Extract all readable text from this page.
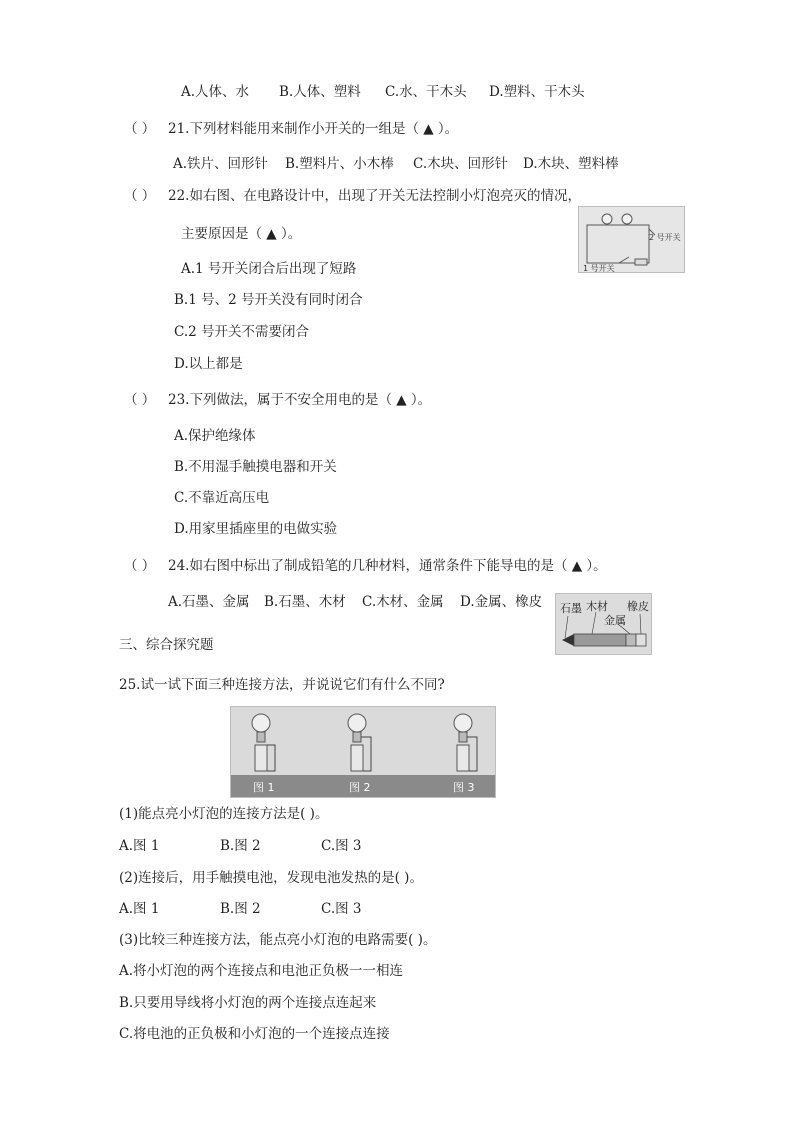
A.人体、水	B.人体、塑料	C.水、干木头	D.塑料、干木头
（ ） 21.下列材料能用来制作小开关的一组是（ ▲ ）。
A.铁片、回形针	B.塑料片、小木棒	C.木块、回形针	D.木块、塑料棒
（ ） 22.如右图、在电路设计中，出现了开关无法控制小灯泡亮灭的情况，
主要原因是（ ▲ ）。
A.1 号开关闭合后出现了短路
B.1 号、2 号开关没有同时闭合
C.2 号开关不需要闭合
D.以上都是
2 号开关
1 号开关
（ ） 23.下列做法，属于不安全用电的是（ ▲ ）。
A.保护绝缘体
B.不用湿手触摸电器和开关
C.不靠近高压电
D.用家里插座里的电做实验
（ ） 24.如右图中标出了制成铅笔的几种材料，通常条件下能导电的是（ ▲ ）。
A.石墨、金属	B.石墨、木材	C.木材、金属	D.金属、橡皮 石墨 木材
金属
橡皮
三、综合探究题
25.试一试下面三种连接方法，并说说它们有什么不同?
图 1	图 2	图 3
(1)能点亮小灯泡的连接方法是( )。
A.图 1	B.图 2	C.图 3
(2)连接后，用手触摸电池，发现电池发热的是( )。
A.图 1	B.图 2	C.图 3
(3)比较三种连接方法，能点亮小灯泡的电路需要( )。
A.将小灯泡的两个连接点和电池正负极一一相连
B.只要用导线将小灯泡的两个连接点连起来
C.将电池的正负极和小灯泡的一个连接点连接
